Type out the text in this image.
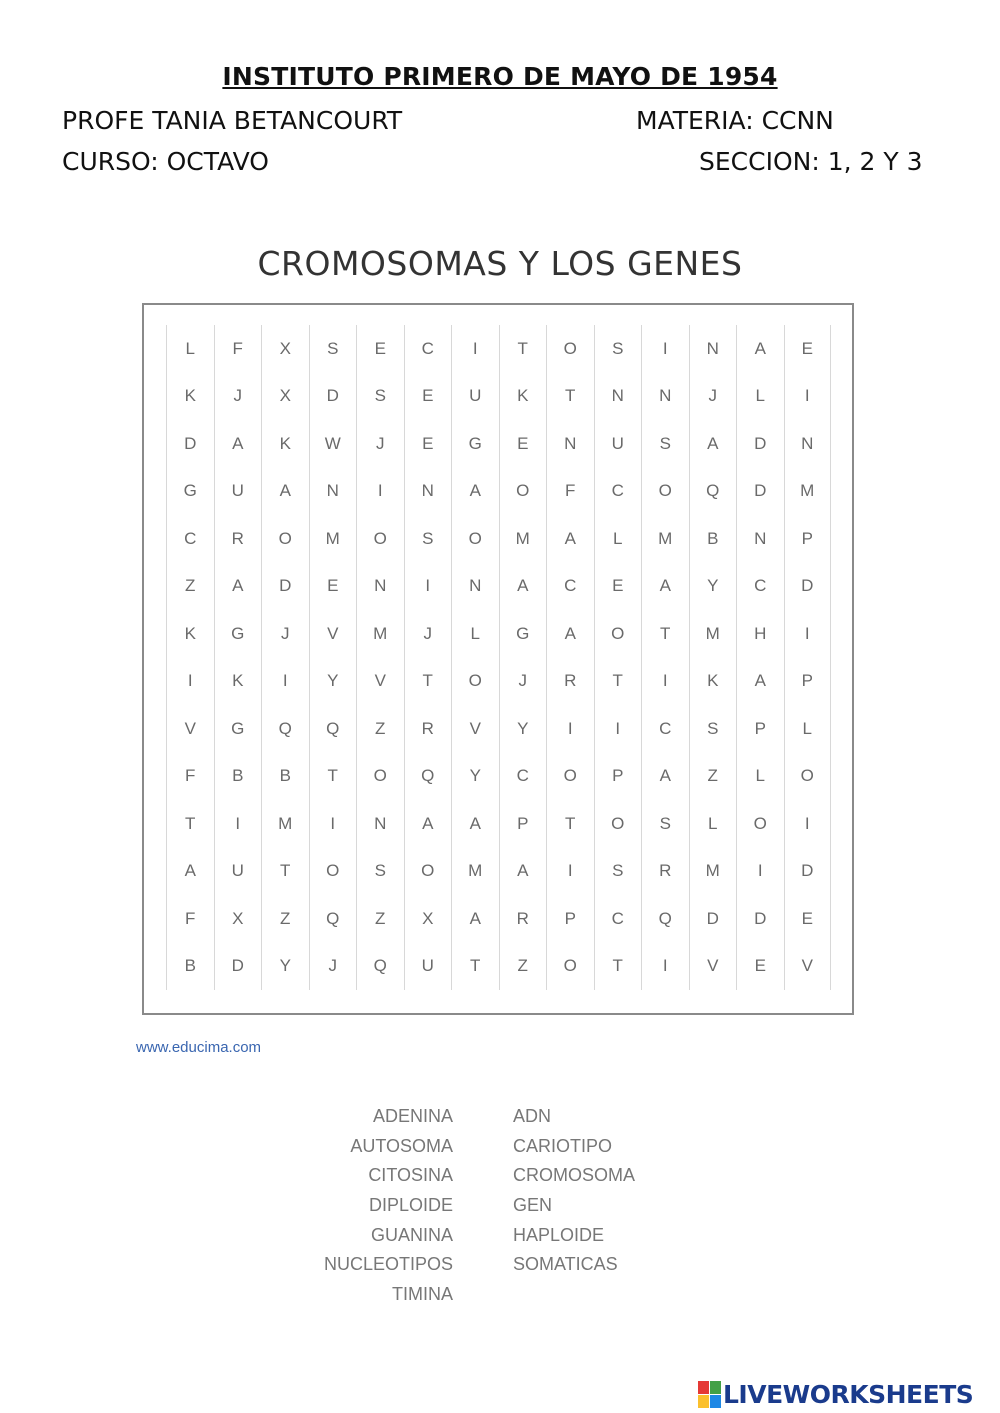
INSTITUTO PRIMERO DE MAYO DE 1954
PROFE TANIA BETANCOURT	MATERIA: CCNN
CURSO: OCTAVO	SECCION: 1, 2 Y 3
CROMOSOMAS Y LOS GENES
L	F	X	S	E	C	I	T	O	S	I	N	A	E
K	J	X	D	S	E	U	K	T	N	N	J	L	I
D	A	K	W	J	E	G	E	N	U	S	A	D	N
G	U	A	N	I	N	A	O	F	C	O	Q	D	M
C	R	O	M	O	S	O	M	A	L	M	B	N	P
Z	A	D	E	N	I	N	A	C	E	A	Y	C	D
K	G	J	V	M	J	L	G	A	O	T	M	H	I
I	K	I	Y	V	T	O	J	R	T	I	K	A	P
V	G	Q	Q	Z	R	V	Y	I	I	C	S	P	L
F	B	B	T	O	Q	Y	C	O	P	A	Z	L	O
T	I	M	I	N	A	A	P	T	O	S	L	O	I
A	U	T	O	S	O	M	A	I	S	R	M	I	D
F	X	Z	Q	Z	X	A	R	P	C	Q	D	D	E
B	D	Y	J	Q	U	T	Z	O	T	I	V	E	V
www.educima.com
ADENINA
AUTOSOMA
CITOSINA
DIPLOIDE
GUANINA
NUCLEOTIPOS
TIMINA
ADN
CARIOTIPO
CROMOSOMA
GEN
HAPLOIDE
SOMATICAS
LIVEWORKSHEETS
